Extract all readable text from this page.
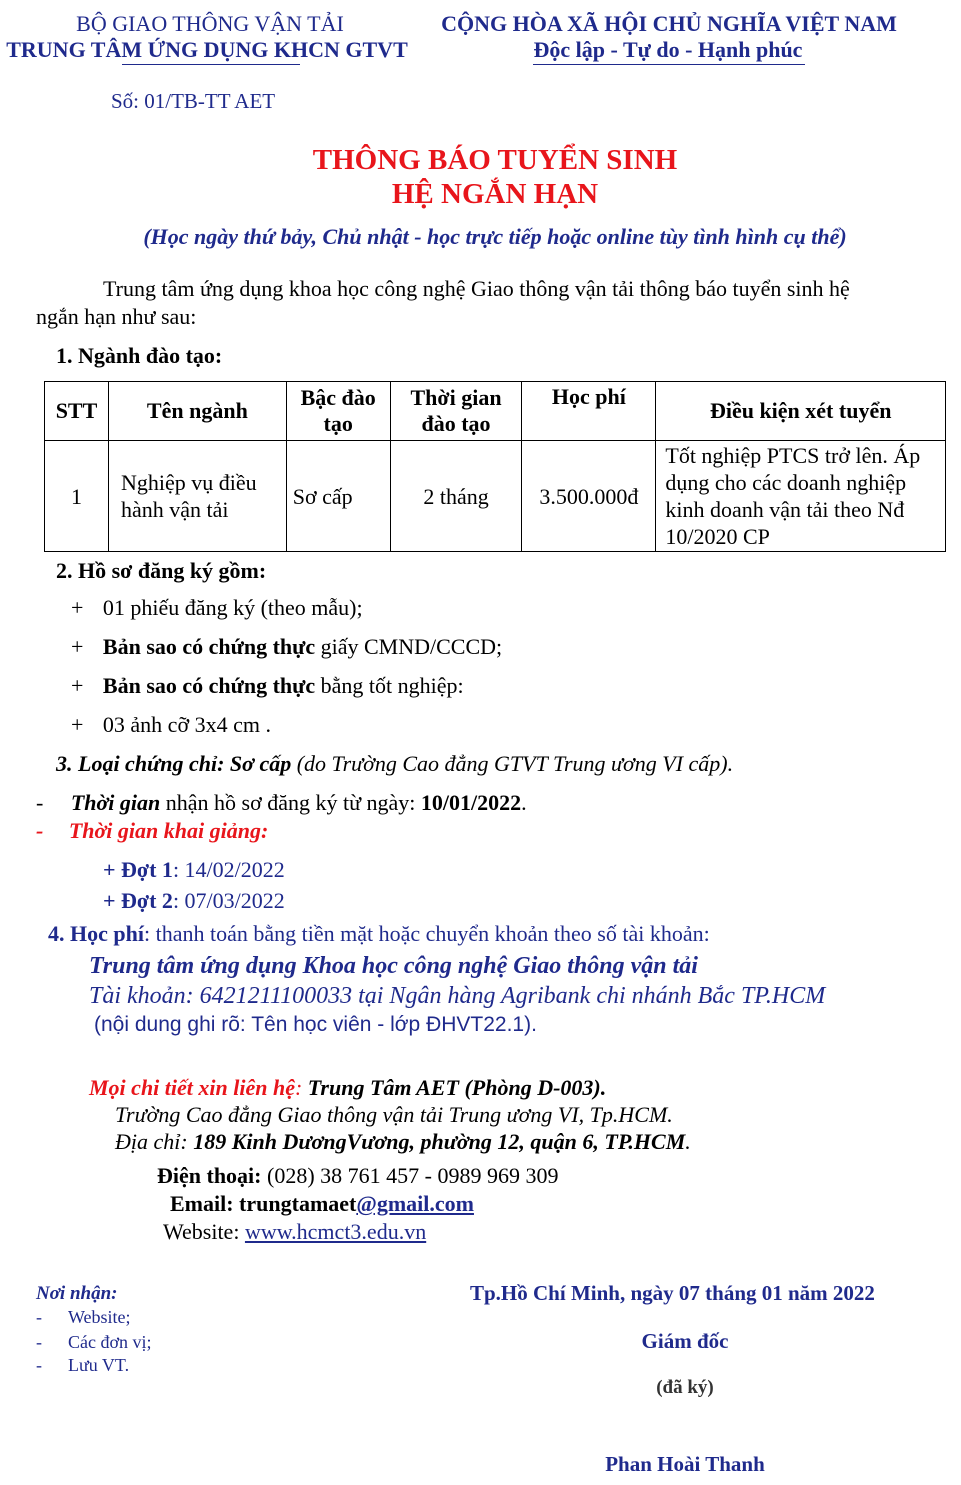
BỘ GIAO THÔNG VẬN TẢI
TRUNG TÂM ỨNG DỤNG KHCN GTVT
CỘNG HÒA XÃ HỘI CHỦ NGHĨA VIỆT NAM
Độc lập - Tự do - Hạnh phúc
Số: 01/TB-TT AET
THÔNG BÁO TUYỂN SINH
HỆ NGẮN HẠN
(Học ngày thứ bảy, Chủ nhật - học trực tiếp hoặc online tùy tình hình cụ thể)
Trung tâm ứng dụng khoa học công nghệ Giao thông vận tải thông báo tuyển sinh hệ
ngắn hạn như sau:
1. Ngành đào tạo:
STT	Tên ngành	Bậc đào tạo	Thời gian đào tạo	Học phí	Điều kiện xét tuyển
1	Nghiệp vụ điều hành vận tải	Sơ cấp	2 tháng	3.500.000đ	Tốt nghiệp PTCS trở lên. Áp dụng cho các doanh nghiệp kinh doanh vận tải theo Nđ 10/2020 CP
2. Hồ sơ đăng ký gồm:
+ 01 phiếu đăng ký (theo mẫu);
+ Bản sao có chứng thực giấy CMND/CCCD;
+ Bản sao có chứng thực bằng tốt nghiệp:
+ 03 ảnh cỡ 3x4 cm .
3. Loại chứng chỉ: Sơ cấp (do Trường Cao đẳng GTVT Trung ương VI cấp).
- Thời gian nhận hồ sơ đăng ký từ ngày: 10/01/2022.
- Thời gian khai giảng:
+ Đợt 1: 14/02/2022
+ Đợt 2: 07/03/2022
4. Học phí: thanh toán bằng tiền mặt hoặc chuyển khoản theo số tài khoản:
Trung tâm ứng dụng Khoa học công nghệ Giao thông vận tải
Tài khoản: 6421211100033 tại Ngân hàng Agribank chi nhánh Bắc TP.HCM
(nội dung ghi rõ: Tên học viên - lớp ĐHVT22.1).
Mọi chi tiết xin liên hệ: Trung Tâm AET (Phòng D-003).
Trường Cao đẳng Giao thông vận tải Trung ương VI, Tp.HCM.
Địa chỉ: 189 Kinh DươngVương, phường 12, quận 6, TP.HCM.
Điện thoại: (028) 38 761 457 - 0989 969 309
Email: trungtamaet@gmail.com
Website: www.hcmct3.edu.vn
Nơi nhận:
- Website;
- Các đơn vị;
- Lưu VT.
Tp.Hồ Chí Minh, ngày 07 tháng 01 năm 2022
Giám đốc
(đã ký)
Phan Hoài Thanh
